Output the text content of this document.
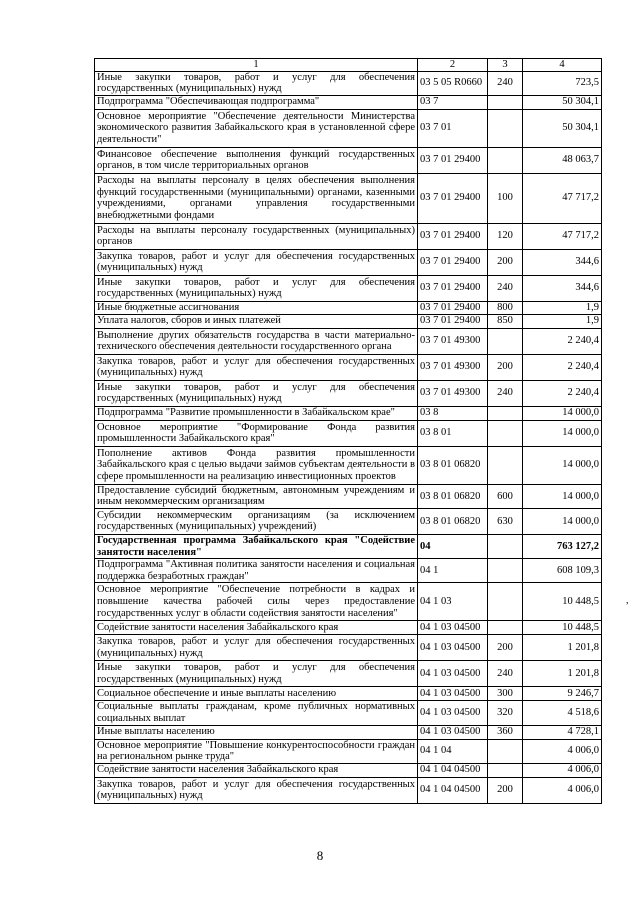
1	2	3	4
Иные закупки товаров, работ и услуг для обеспечения государственных (муниципальных) нужд	03 5 05 R0660	240	723,5
Подпрограмма "Обеспечивающая подпрограмма"	03 7		50 304,1
Основное мероприятие "Обеспечение деятельности Министерства экономического развития Забайкальского края в установленной сфере деятельности"	03 7 01		50 304,1
Финансовое обеспечение выполнения функций государственных органов, в том числе территориальных органов	03 7 01 29400		48 063,7
Расходы на выплаты персоналу в целях обеспечения выполнения функций государственными (муниципальными) органами, казенными учреждениями, органами управления государственными внебюджетными фондами	03 7 01 29400	100	47 717,2
Расходы на выплаты персоналу государственных (муниципальных) органов	03 7 01 29400	120	47 717,2
Закупка товаров, работ и услуг для обеспечения государственных (муниципальных) нужд	03 7 01 29400	200	344,6
Иные закупки товаров, работ и услуг для обеспечения государственных (муниципальных) нужд	03 7 01 29400	240	344,6
Иные бюджетные ассигнования	03 7 01 29400	800	1,9
Уплата налогов, сборов и иных платежей	03 7 01 29400	850	1,9
Выполнение других обязательств государства в части материально-технического обеспечения деятельности государственного органа	03 7 01 49300		2 240,4
Закупка товаров, работ и услуг для обеспечения государственных (муниципальных) нужд	03 7 01 49300	200	2 240,4
Иные закупки товаров, работ и услуг для обеспечения государственных (муниципальных) нужд	03 7 01 49300	240	2 240,4
Подпрограмма "Развитие промышленности в Забайкальском крае"	03 8		14 000,0
Основное мероприятие "Формирование Фонда развития промышленности Забайкальского края"	03 8 01		14 000,0
Пополнение активов Фонда развития промышленности Забайкальского края с целью выдачи займов субъектам деятельности в сфере промышленности на реализацию инвестиционных проектов	03 8 01 06820		14 000,0
Предоставление субсидий бюджетным, автономным учреждениям и иным некоммерческим организациям	03 8 01 06820	600	14 000,0
Субсидии некоммерческим организациям (за исключением государственных (муниципальных) учреждений)	03 8 01 06820	630	14 000,0
Государственная программа Забайкальского края "Содействие занятости населения"	04		763 127,2
Подпрограмма "Активная политика занятости населения и социальная поддержка безработных граждан"	04 1		608 109,3
Основное мероприятие "Обеспечение потребности в кадрах и повышение качества рабочей силы через предоставление государственных услуг в области содействия занятости населения"	04 1 03		10 448,5
Содействие занятости населения Забайкальского края	04 1 03 04500		10 448,5
Закупка товаров, работ и услуг для обеспечения государственных (муниципальных) нужд	04 1 03 04500	200	1 201,8
Иные закупки товаров, работ и услуг для обеспечения государственных (муниципальных) нужд	04 1 03 04500	240	1 201,8
Социальное обеспечение и иные выплаты населению	04 1 03 04500	300	9 246,7
Социальные выплаты гражданам, кроме публичных нормативных социальных выплат	04 1 03 04500	320	4 518,6
Иные выплаты населению	04 1 03 04500	360	4 728,1
Основное мероприятие "Повышение конкурентоспособности граждан на региональном рынке труда"	04 1 04		4 006,0
Содействие занятости населения Забайкальского края	04 1 04 04500		4 006,0
Закупка товаров, работ и услуг для обеспечения государственных (муниципальных) нужд	04 1 04 04500	200	4 006,0
8
,
